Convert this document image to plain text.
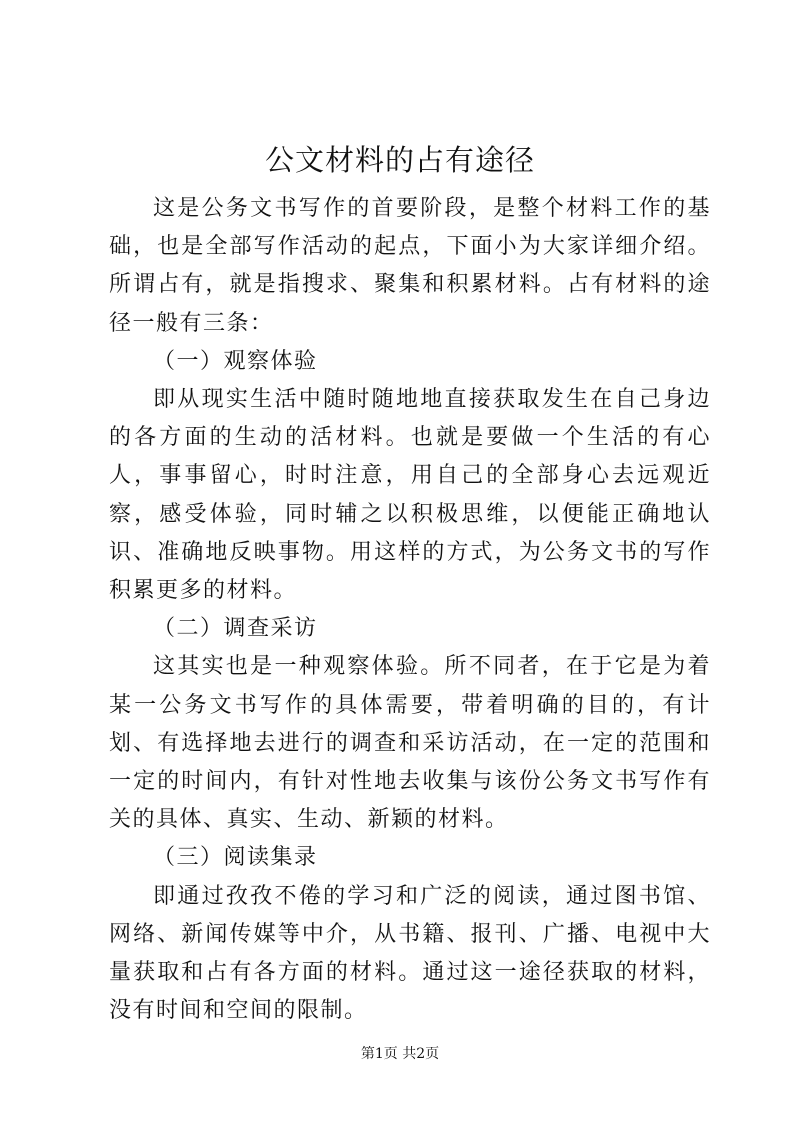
公文材料的占有途径

这是公务文书写作的首要阶段，是整个材料工作的基础，也是全部写作活动的起点，下面小为大家详细介绍。所谓占有，就是指搜求、聚集和积累材料。占有材料的途径一般有三条：

（一）观察体验

即从现实生活中随时随地地直接获取发生在自己身边的各方面的生动的活材料。也就是要做一个生活的有心人，事事留心，时时注意，用自己的全部身心去远观近察，感受体验，同时辅之以积极思维，以便能正确地认识、准确地反映事物。用这样的方式，为公务文书的写作积累更多的材料。

（二）调查采访

这其实也是一种观察体验。所不同者，在于它是为着某一公务文书写作的具体需要，带着明确的目的，有计划、有选择地去进行的调查和采访活动，在一定的范围和一定的时间内，有针对性地去收集与该份公务文书写作有关的具体、真实、生动、新颖的材料。

（三）阅读集录

即通过孜孜不倦的学习和广泛的阅读，通过图书馆、网络、新闻传媒等中介，从书籍、报刊、广播、电视中大量获取和占有各方面的材料。通过这一途径获取的材料，没有时间和空间的限制。

第1页 共2页
